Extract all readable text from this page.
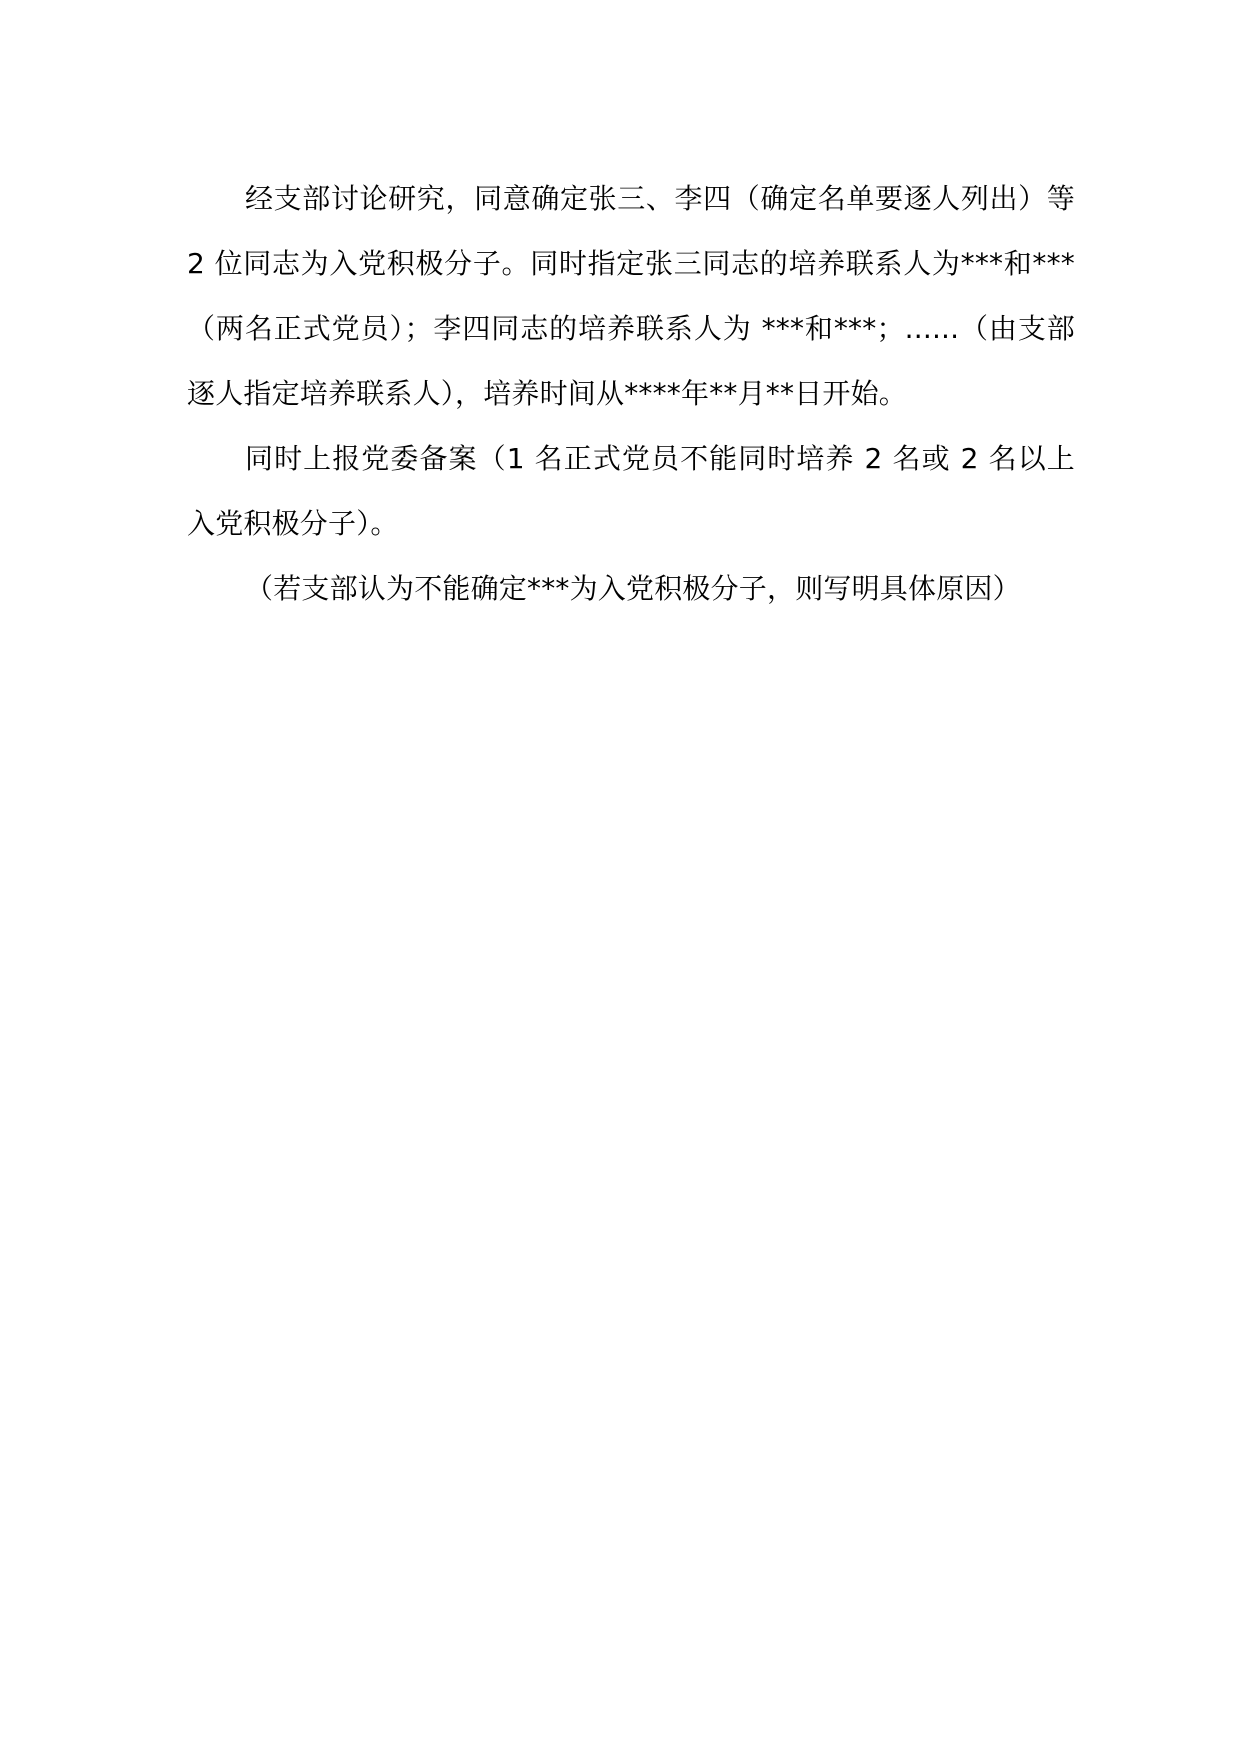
经支部讨论研究，同意确定张三、李四（确定名单要逐人列出）等 2 位同志为入党积极分子。同时指定张三同志的培养联系人为***和***（两名正式党员）；李四同志的培养联系人为 ***和***；......（由支部逐人指定培养联系人），培养时间从****年**月**日开始。

同时上报党委备案（1 名正式党员不能同时培养 2 名或 2 名以上入党积极分子）。

（若支部认为不能确定***为入党积极分子，则写明具体原因）
